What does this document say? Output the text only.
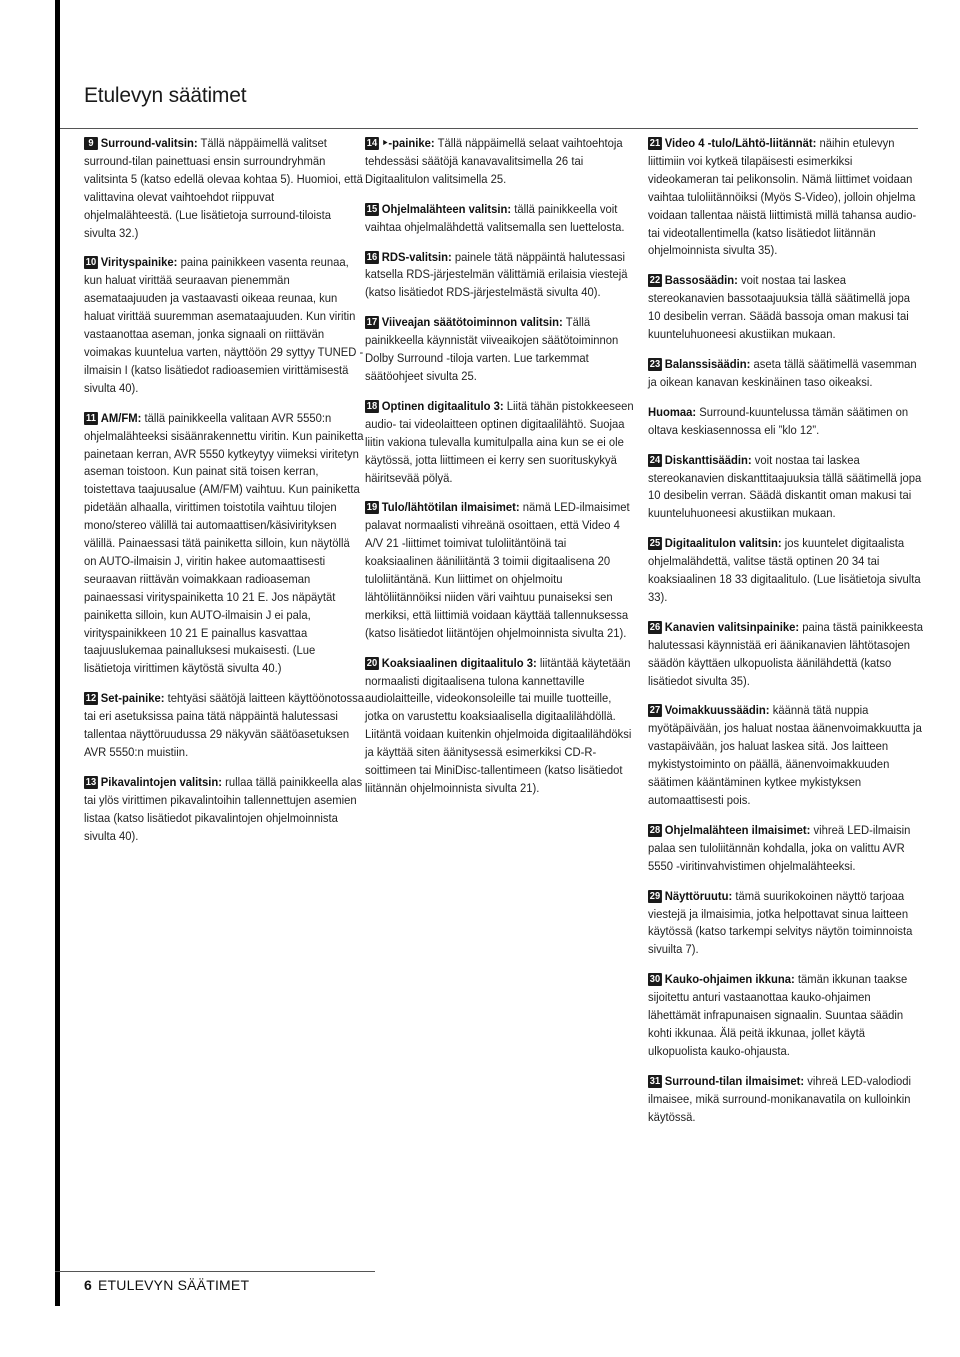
Etulevyn säätimet

9 Surround-valitsin: Tällä näppäimellä valitset surround-tilan painettuasi ensin surroundryhmän valitsinta 5 (katso edellä olevaa kohtaa 5). Huomioi, että valittavina olevat vaihtoehdot riippuvat ohjelmalähteestä. (Lue lisätietoja surround-tiloista sivulta 32.)

10 Virityspainike: paina painikkeen vasenta reunaa, kun haluat virittää seuraavan pienemmän asemataajuuden ja vastaavasti oikeaa reunaa, kun haluat virittää suuremman asemataajuuden. Kun viritin vastaanottaa aseman, jonka signaali on riittävän voimakas kuuntelua varten, näyttöön 29 syttyy TUNED -ilmaisin I (katso lisätiedot radioasemien virittämisestä sivulta 40).

11 AM/FM: tällä painikkeella valitaan AVR 5550:n ohjelmalähteeksi sisäänrakennettu viritin. Kun painiketta painetaan kerran, AVR 5550 kytkeytyy viimeksi viritetyn aseman toistoon. Kun painat sitä toisen kerran, toistettava taajuusalue (AM/FM) vaihtuu. Kun painiketta pidetään alhaalla, virittimen toistotila vaihtuu tilojen mono/stereo välillä tai automaattisen/käsivirityksen välillä. Painaessasi tätä painiketta silloin, kun näytöllä on AUTO-ilmaisin J, viritin hakee automaattisesti seuraavan riittävän voimakkaan radioaseman painaessasi virityspainiketta 10 21 E. Jos näpäytät painiketta silloin, kun AUTO-ilmaisin J ei pala, virityspainikkeen 10 21 E painallus kasvattaa taajuuslukemaa painalluksesi mukaisesti. (Lue lisätietoja virittimen käytöstä sivulta 40.)

12 Set-painike: tehtyäsi säätöjä laitteen käyttöönotossa tai eri asetuksissa paina tätä näppäintä halutessasi tallentaa näyttöruudussa 29 näkyvän säätöasetuksen AVR 5550:n muistiin.

13 Pikavalintojen valitsin: rullaa tällä painikkeella alas tai ylös virittimen pikavalintoihin tallennettujen asemien listaa (katso lisätiedot pikavalintojen ohjelmoinnista sivulta 40).

14 ‣-painike: Tällä näppäimellä selaat vaihtoehtoja tehdessäsi säätöjä kanavavalitsimella 26 tai Digitaalitulon valitsimella 25.

15 Ohjelmalähteen valitsin: tällä painikkeella voit vaihtaa ohjelmalähdettä valitsemalla sen luettelosta.

16 RDS-valitsin: painele tätä näppäintä halutessasi katsella RDS-järjestelmän välittämiä erilaisia viestejä (katso lisätiedot RDS-järjestelmästä sivulta 40).

17 Viiveajan säätötoiminnon valitsin: Tällä painikkeella käynnistät viiveaikojen säätötoiminnon Dolby Surround -tiloja varten. Lue tarkemmat säätöohjeet sivulta 25.

18 Optinen digitaalitulo 3: Liitä tähän pistokkeeseen audio- tai videolaitteen optinen digitaalilähtö. Suojaa liitin vakiona tulevalla kumitulpalla aina kun se ei ole käytössä, jotta liittimeen ei kerry sen suorituskykyä häiritsevää pölyä.

19 Tulo/lähtötilan ilmaisimet: nämä LED-ilmaisimet palavat normaalisti vihreänä osoittaen, että Video 4 A/V 21 -liittimet toimivat tuloliitäntöinä tai koaksiaalinen ääniliitäntä 3 toimii digitaalisena 20 tuloliitäntänä. Kun liittimet on ohjelmoitu lähtöliitännöiksi niiden väri vaihtuu punaiseksi sen merkiksi, että liittimiä voidaan käyttää tallennuksessa (katso lisätiedot liitäntöjen ohjelmoinnista sivulta 21).

20 Koaksiaalinen digitaalitulo 3: liitäntää käytetään normaalisti digitaalisena tulona kannettaville audiolaitteille, videokonsoleille tai muille tuotteille, jotka on varustettu koaksiaalisella digitaalilähdöllä. Liitäntä voidaan kuitenkin ohjelmoida digitaalilähdöksi ja käyttää siten äänitysessä esimerkiksi CD-R-soittimeen tai MiniDisc-tallentimeen (katso lisätiedot liitännän ohjelmoinnista sivulta 21).

21 Video 4 -tulo/Lähtö-liitännät: näihin etulevyn liittimiin voi kytkeä tilapäisesti esimerkiksi videokameran tai pelikonsolin. Nämä liittimet voidaan vaihtaa tuloliitännöiksi (Myös S-Video), jolloin ohjelma voidaan tallentaa näistä liittimistä millä tahansa audio- tai videotallentimella (katso lisätiedot liitännän ohjelmoinnista sivulta 35).

22 Bassosäädin: voit nostaa tai laskea stereokanavien bassotaajuuksia tällä säätimellä jopa 10 desibelin verran. Säädä bassoja oman makusi tai kuunteluhuoneesi akustiikan mukaan.

23 Balanssisäädin: aseta tällä säätimellä vasemman ja oikean kanavan keskinäinen taso oikeaksi.

Huomaa: Surround-kuuntelussa tämän säätimen on oltava keskiasennossa eli ”klo 12”.

24 Diskanttisäädin: voit nostaa tai laskea stereokanavien diskanttitaajuuksia tällä säätimellä jopa 10 desibelin verran. Säädä diskantit oman makusi tai kuunteluhuoneesi akustiikan mukaan.

25 Digitaalitulon valitsin: jos kuuntelet digitaalista ohjelmalähdettä, valitse tästä optinen 20 34 tai koaksiaalinen 18 33 digitaalitulo. (Lue lisätietoja sivulta 33).

26 Kanavien valitsinpainike: paina tästä painikkeesta halutessasi käynnistää eri äänikanavien lähtötasojen säädön käyttäen ulkopuolista äänilähdettä (katso lisätiedot sivulta 35).

27 Voimakkuussäädin: käännä tätä nuppia myötäpäivään, jos haluat nostaa äänenvoimakkuutta ja vastapäivään, jos haluat laskea sitä. Jos laitteen mykistystoiminto on päällä, äänenvoimakkuuden säätimen kääntäminen kytkee mykistyksen automaattisesti pois.

28 Ohjelmalähteen ilmaisimet: vihreä LED-ilmaisin palaa sen tuloliitännän kohdalla, joka on valittu AVR 5550 -viritinvahvistimen ohjelmalähteeksi.

29 Näyttöruutu: tämä suurikokoinen näyttö tarjoaa viestejä ja ilmaisimia, jotka helpottavat sinua laitteen käytössä (katso tarkempi selvitys näytön toiminnoista sivuilta 7).

30 Kauko-ohjaimen ikkuna: tämän ikkunan taakse sijoitettu anturi vastaanottaa kauko-ohjaimen lähettämät infrapunaisen signaalin. Suuntaa säädin kohti ikkunaa. Älä peitä ikkunaa, jollet käytä ulkopuolista kauko-ohjausta.

31 Surround-tilan ilmaisimet: vihreä LED-valodiodi ilmaisee, mikä surround-monikanavatila on kulloinkin käytössä.

6 ETULEVYN SÄÄTIMET
